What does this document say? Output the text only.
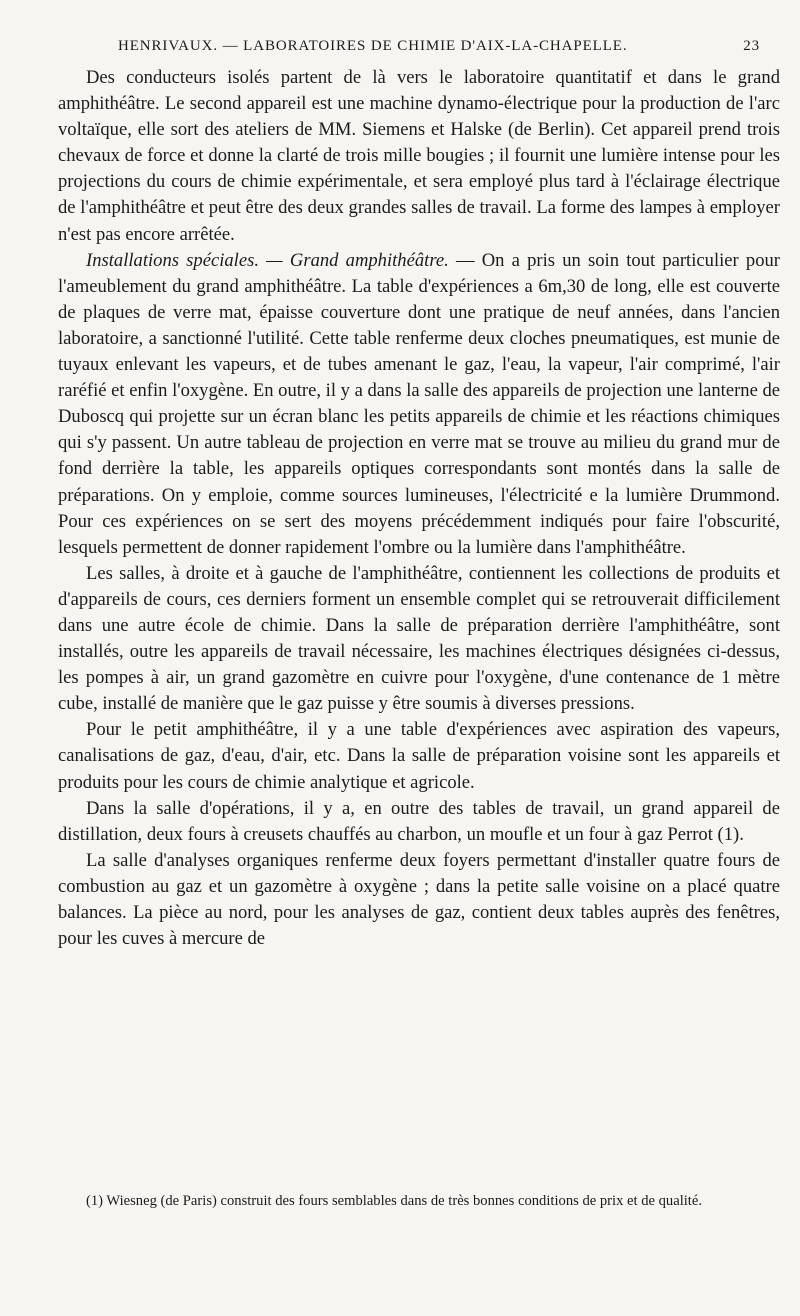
HENRIVAUX. — LABORATOIRES DE CHIMIE D'AIX-LA-CHAPELLE.	23

Des conducteurs isolés partent de là vers le laboratoire quantitatif et dans le grand amphithéâtre. Le second appareil est une machine dynamo-électrique pour la production de l'arc voltaïque, elle sort des ateliers de MM. Siemens et Halske (de Berlin). Cet appareil prend trois chevaux de force et donne la clarté de trois mille bougies ; il fournit une lumière intense pour les projections du cours de chimie expérimentale, et sera employé plus tard à l'éclairage électrique de l'amphithéâtre et peut être des deux grandes salles de travail. La forme des lampes à employer n'est pas encore arrêtée.

Installations spéciales. — Grand amphithéâtre. — On a pris un soin tout particulier pour l'ameublement du grand amphithéâtre. La table d'expériences a 6m,30 de long, elle est couverte de plaques de verre mat, épaisse couverture dont une pratique de neuf années, dans l'ancien laboratoire, a sanctionné l'utilité. Cette table renferme deux cloches pneumatiques, est munie de tuyaux enlevant les vapeurs, et de tubes amenant le gaz, l'eau, la vapeur, l'air comprimé, l'air raréfié et enfin l'oxygène. En outre, il y a dans la salle des appareils de projection une lanterne de Duboscq qui projette sur un écran blanc les petits appareils de chimie et les réactions chimiques qui s'y passent. Un autre tableau de projection en verre mat se trouve au milieu du grand mur de fond derrière la table, les appareils optiques correspondants sont montés dans la salle de préparations. On y emploie, comme sources lumineuses, l'électricité e la lumière Drummond. Pour ces expériences on se sert des moyens précédemment indiqués pour faire l'obscurité, lesquels permettent de donner rapidement l'ombre ou la lumière dans l'amphithéâtre.

Les salles, à droite et à gauche de l'amphithéâtre, contiennent les collections de produits et d'appareils de cours, ces derniers forment un ensemble complet qui se retrouverait difficilement dans une autre école de chimie. Dans la salle de préparation derrière l'amphithéâtre, sont installés, outre les appareils de travail nécessaire, les machines électriques désignées ci-dessus, les pompes à air, un grand gazomètre en cuivre pour l'oxygène, d'une contenance de 1 mètre cube, installé de manière que le gaz puisse y être soumis à diverses pressions.

Pour le petit amphithéâtre, il y a une table d'expériences avec aspiration des vapeurs, canalisations de gaz, d'eau, d'air, etc. Dans la salle de préparation voisine sont les appareils et produits pour les cours de chimie analytique et agricole.

Dans la salle d'opérations, il y a, en outre des tables de travail, un grand appareil de distillation, deux fours à creusets chauffés au charbon, un moufle et un four à gaz Perrot (1).

La salle d'analyses organiques renferme deux foyers permettant d'installer quatre fours de combustion au gaz et un gazomètre à oxygène ; dans la petite salle voisine on a placé quatre balances. La pièce au nord, pour les analyses de gaz, contient deux tables auprès des fenêtres, pour les cuves à mercure de

(1) Wiesneg (de Paris) construit des fours semblables dans de très bonnes conditions de prix et de qualité.
